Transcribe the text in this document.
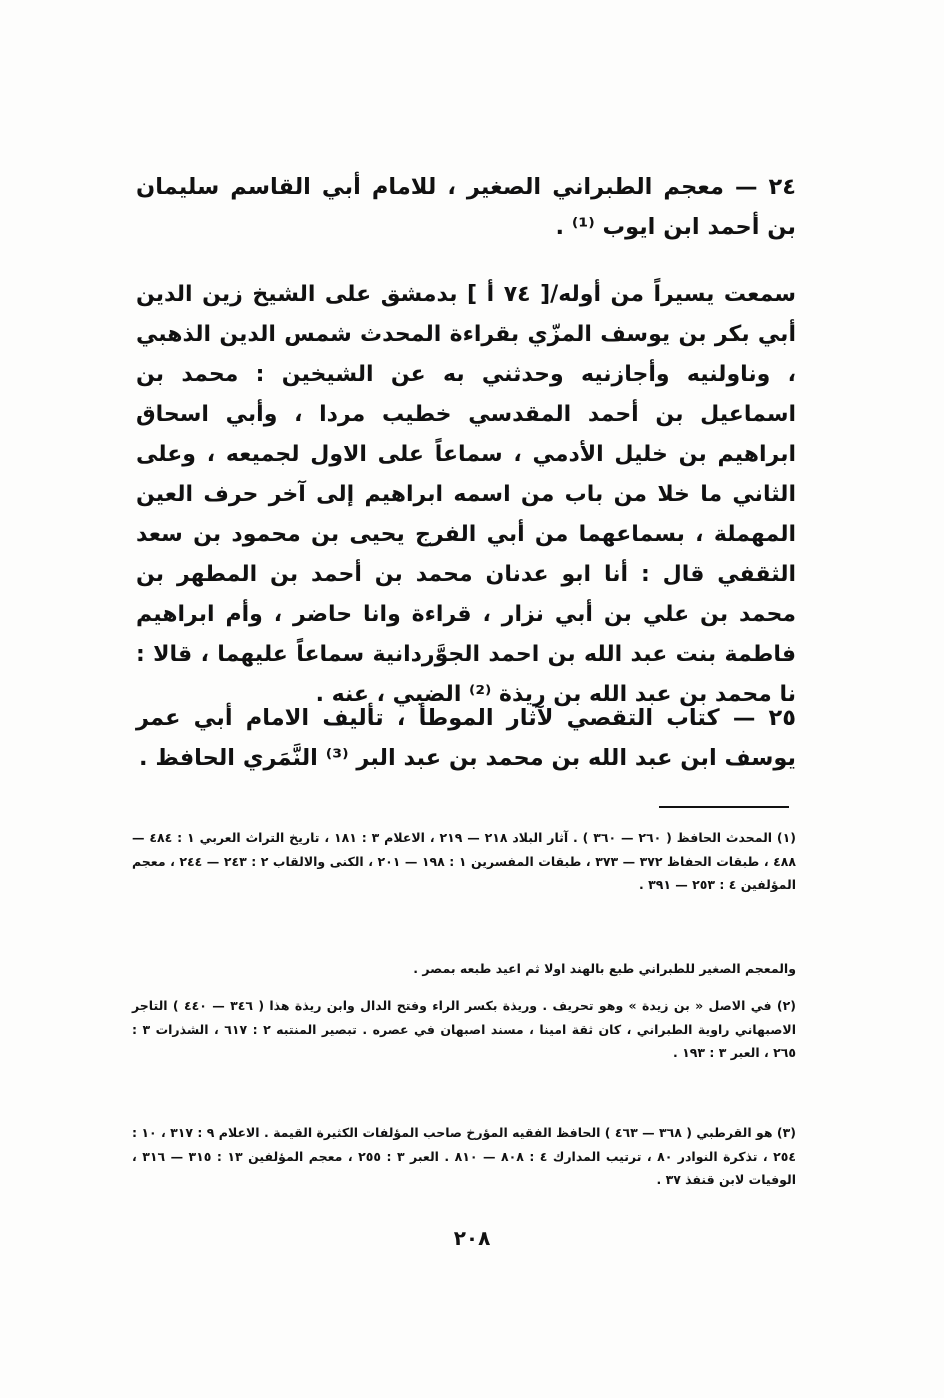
٢٤ — معجم الطبراني الصغير ، للامام أبي القاسم سليمان بن أحمد ابن ايوب ⁽¹⁾ .
سمعت يسيراً من أوله/[ ٧٤ أ ] بدمشق على الشيخ زين الدين أبي بكر بن يوسف المزّي بقراءة المحدث شمس الدين الذهبي ، وناولنيه وأجازنيه وحدثني به عن الشيخين : محمد بن اسماعيل بن أحمد المقدسي خطيب مردا ، وأبي اسحاق ابراهيم بن خليل الأدمي ، سماعاً على الاول لجميعه ، وعلى الثاني ما خلا من باب من اسمه ابراهيم إلى آخر حرف العين المهملة ، بسماعهما من أبي الفرج يحيى بن محمود بن سعد الثقفي قال : أنا ابو عدنان محمد بن أحمد بن المطهر بن محمد بن علي بن أبي نزار ، قراءة وانا حاضر ، وأم ابراهيم فاطمة بنت عبد الله بن احمد الجوَّردانية سماعاً عليهما ، قالا : نا محمد بن عبد الله بن ريذة ⁽²⁾ الضبي ، عنه .
٢٥ — كتاب التقصي لآثار الموطأ ، تأليف الامام أبي عمر يوسف ابن عبد الله بن محمد بن عبد البر ⁽³⁾ النَّمَري الحافظ .
(١) المحدث الحافظ ( ٢٦٠ — ٣٦٠ ) . آثار البلاد ٢١٨ — ٢١٩ ، الاعلام ٣ : ١٨١ ، تاريخ التراث العربي ١ : ٤٨٤ — ٤٨٨ ، طبقات الحفاظ ٣٧٢ — ٣٧٣ ، طبقات المفسرين ١ : ١٩٨ — ٢٠١ ، الكنى والالقاب ٢ : ٢٤٣ — ٢٤٤ ، معجم المؤلفين ٤ : ٢٥٣ — ٣٩١ .
والمعجم الصغير للطبراني طبع بالهند اولا ثم اعيد طبعه بمصر .
(٢) في الاصل « بن زيدة » وهو تحريف . وريذة بكسر الراء وفتح الدال وابن ريذة هذا ( ٣٤٦ — ٤٤٠ ) التاجر الاصبهاني راوية الطبراني ، كان ثقة امينا ، مسند اصبهان في عصره . تبصير المنتبه ٢ : ٦١٧ ، الشذرات ٣ : ٢٦٥ ، العبر ٣ : ١٩٣ .
(٣) هو القرطبي ( ٣٦٨ — ٤٦٣ ) الحافظ الفقيه المؤرخ صاحب المؤلفات الكثيرة القيمة . الاعلام ٩ : ٣١٧ ، ١٠ : ٢٥٤ ، تذكرة النوادر ٨٠ ، ترتيب المدارك ٤ : ٨٠٨ — ٨١٠ . العبر ٣ : ٢٥٥ ، معجم المؤلفين ١٣ : ٣١٥ — ٣١٦ ، الوفيات لابن قنفذ ٣٧ .
٢٠٨
